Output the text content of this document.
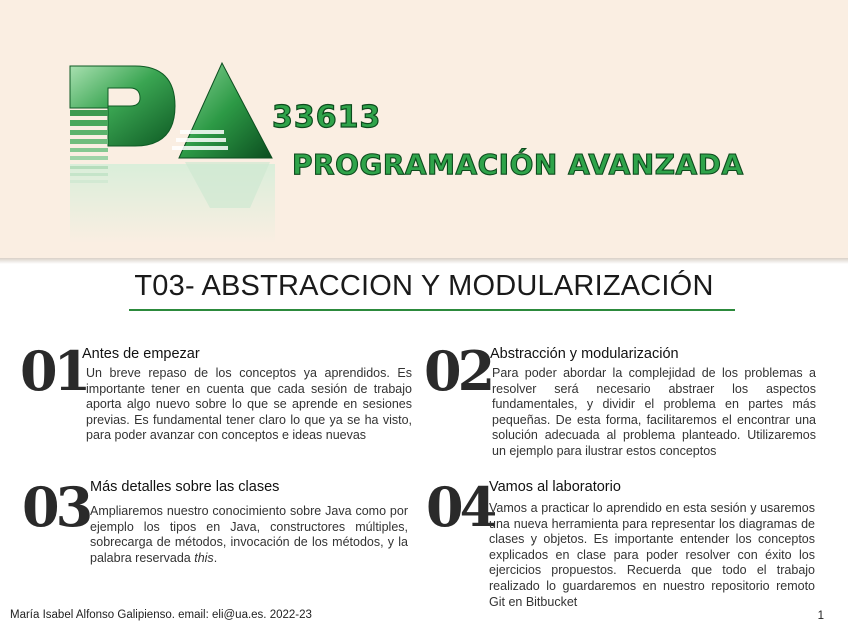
33613
PROGRAMACIÓN AVANZADA
T03- ABSTRACCION Y MODULARIZACIÓN
01
Antes de empezar

Un breve repaso de los conceptos ya aprendidos. Es importante tener en cuenta que cada sesión de trabajo aporta algo nuevo sobre lo que se aprende en sesiones previas. Es fundamental tener claro lo que ya se ha visto, para poder avanzar con conceptos e ideas nuevas

02
Abstracción y modularización

Para poder abordar la complejidad de los problemas a resolver será necesario abstraer los aspectos fundamentales, y dividir el problema en partes más pequeñas. De esta forma, facilitaremos el encontrar una solución adecuada al problema planteado. Utilizaremos un ejemplo para ilustrar estos conceptos

03 Más detalles sobre las clases

Ampliaremos nuestro conocimiento sobre Java como por ejemplo los tipos en Java, constructores múltiples, sobrecarga de métodos, invocación de los métodos, y la palabra reservada this.

04
Vamos al laboratorio

Vamos a practicar lo aprendido en esta sesión y usaremos una nueva herramienta para representar los diagramas de clases y objetos. Es importante entender los conceptos explicados en clase para poder resolver con éxito los ejercicios propuestos. Recuerda que todo el trabajo realizado lo guardaremos en nuestro repositorio remoto Git en Bitbucket

María Isabel Alfonso Galipienso. email: eli@ua.es. 2022-23	1
